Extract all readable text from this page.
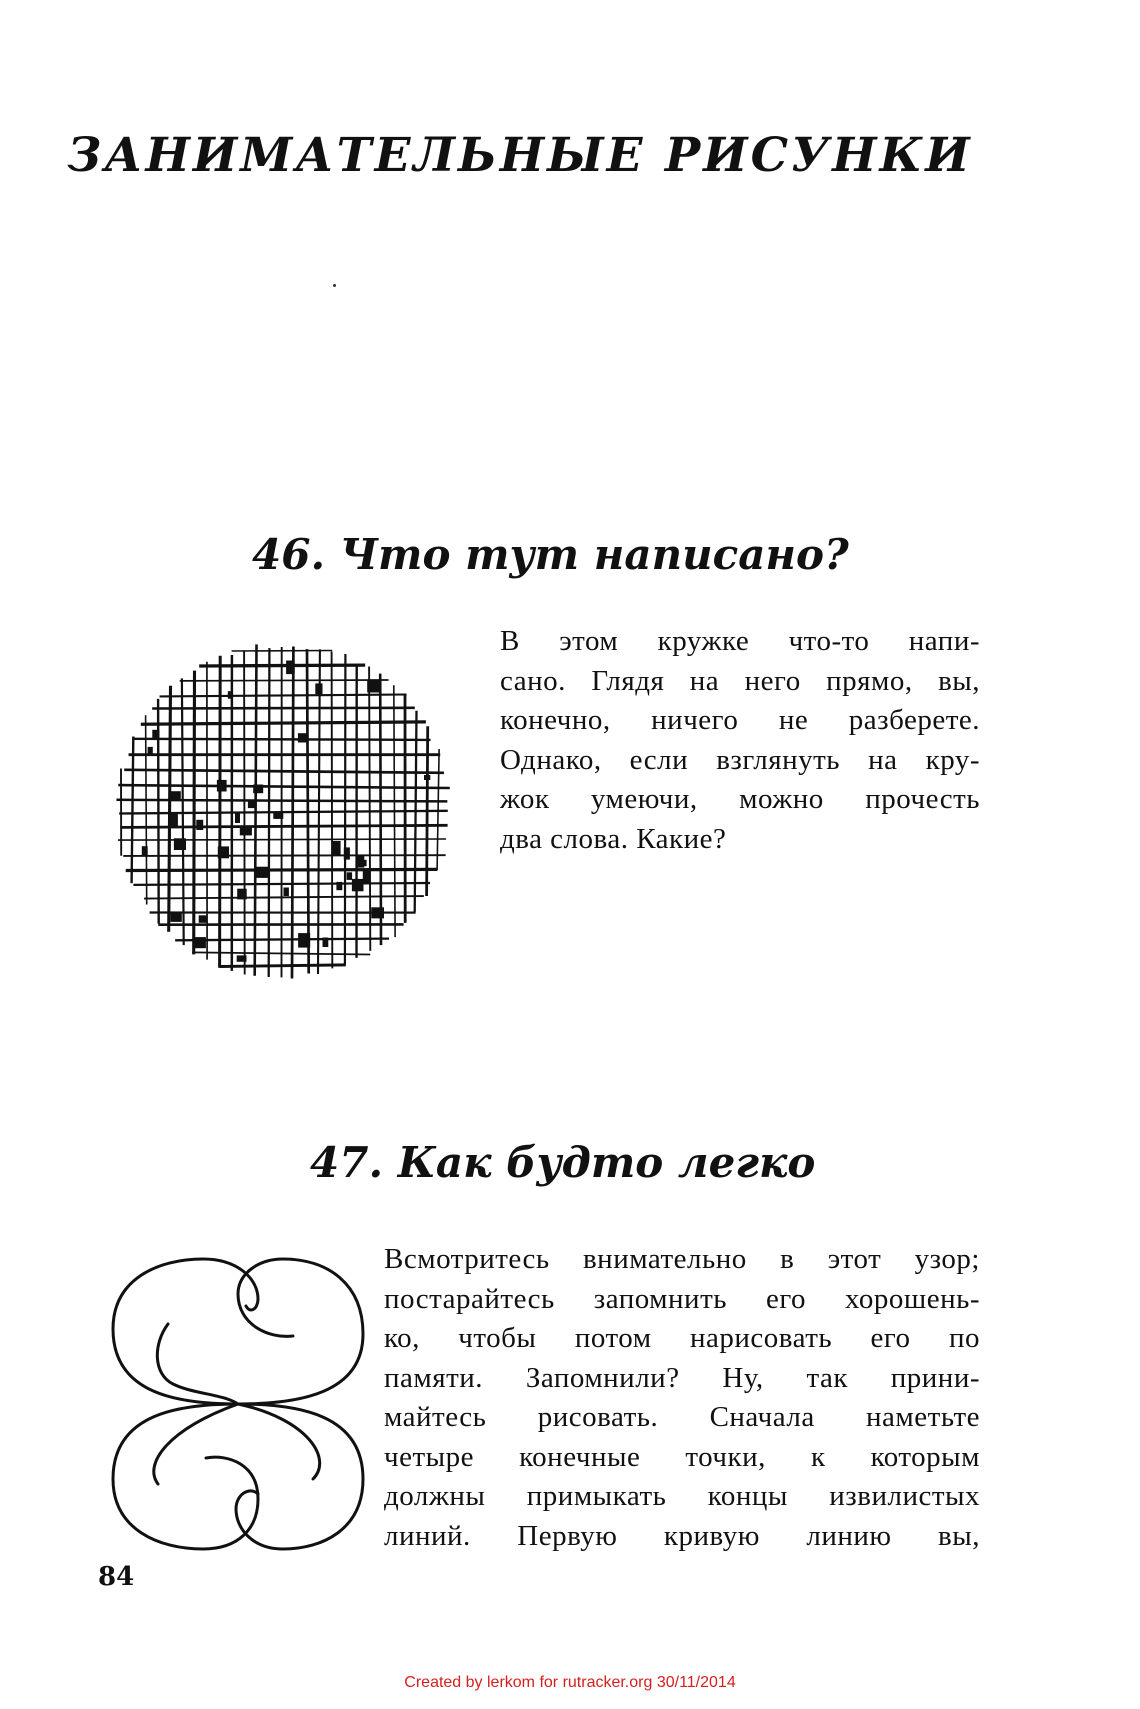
ЗАНИМАТЕЛЬНЫЕ РИСУНКИ
46. Что тут написано?
В этом кружке что-то напи-
сано. Глядя на него прямо, вы,
конечно, ничего не разберете.
Однако, если взглянуть на кру-
жок умеючи, можно прочесть
два слова. Какие?
47. Как будто легко
Всмотритесь внимательно в этот узор;
постарайтесь запомнить его хорошень-
ко, чтобы потом нарисовать его по
памяти. Запомнили? Ну, так прини-
майтесь рисовать. Сначала наметьте
четыре конечные точки, к которым
должны примыкать концы извилистых
линий. Первую кривую линию вы,
84
Created by lerkom for rutracker.org 30/11/2014
